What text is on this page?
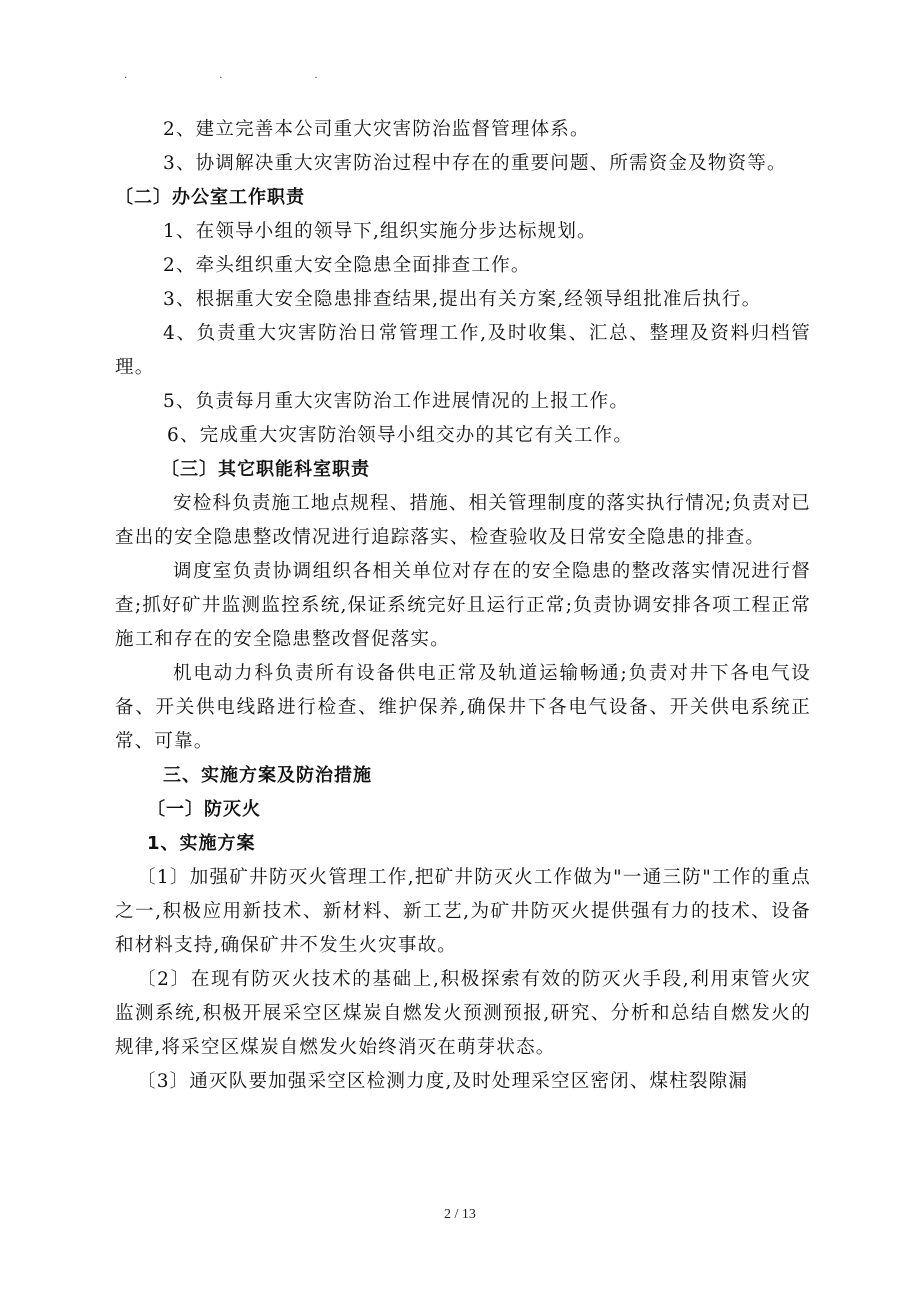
.	.	.

2、建立完善本公司重大灾害防治监督管理体系。

3、协调解决重大灾害防治过程中存在的重要问题、所需资金及物资等。

〔二〕办公室工作职责

1、在领导小组的领导下,组织实施分步达标规划。

2、牵头组织重大安全隐患全面排查工作。

3、根据重大安全隐患排查结果,提出有关方案,经领导组批准后执行。

4、负责重大灾害防治日常管理工作,及时收集、汇总、整理及资料归档管理。

5、负责每月重大灾害防治工作进展情况的上报工作。

6、完成重大灾害防治领导小组交办的其它有关工作。

〔三〕其它职能科室职责

安检科负责施工地点规程、措施、相关管理制度的落实执行情况;负责对已查出的安全隐患整改情况进行追踪落实、检查验收及日常安全隐患的排查。

调度室负责协调组织各相关单位对存在的安全隐患的整改落实情况进行督查;抓好矿井监测监控系统,保证系统完好且运行正常;负责协调安排各项工程正常施工和存在的安全隐患整改督促落实。

机电动力科负责所有设备供电正常及轨道运输畅通;负责对井下各电气设备、开关供电线路进行检查、维护保养,确保井下各电气设备、开关供电系统正常、可靠。

三、实施方案及防治措施

〔一〕防灭火

1、实施方案

〔1〕加强矿井防灭火管理工作,把矿井防灭火工作做为"一通三防"工作的重点之一,积极应用新技术、新材料、新工艺,为矿井防灭火提供强有力的技术、设备和材料支持,确保矿井不发生火灾事故。

〔2〕在现有防灭火技术的基础上,积极探索有效的防灭火手段,利用束管火灾监测系统,积极开展采空区煤炭自燃发火预测预报,研究、分析和总结自燃发火的规律,将采空区煤炭自燃发火始终消灭在萌芽状态。

〔3〕通灭队要加强采空区检测力度,及时处理采空区密闭、煤柱裂隙漏

2 / 13
